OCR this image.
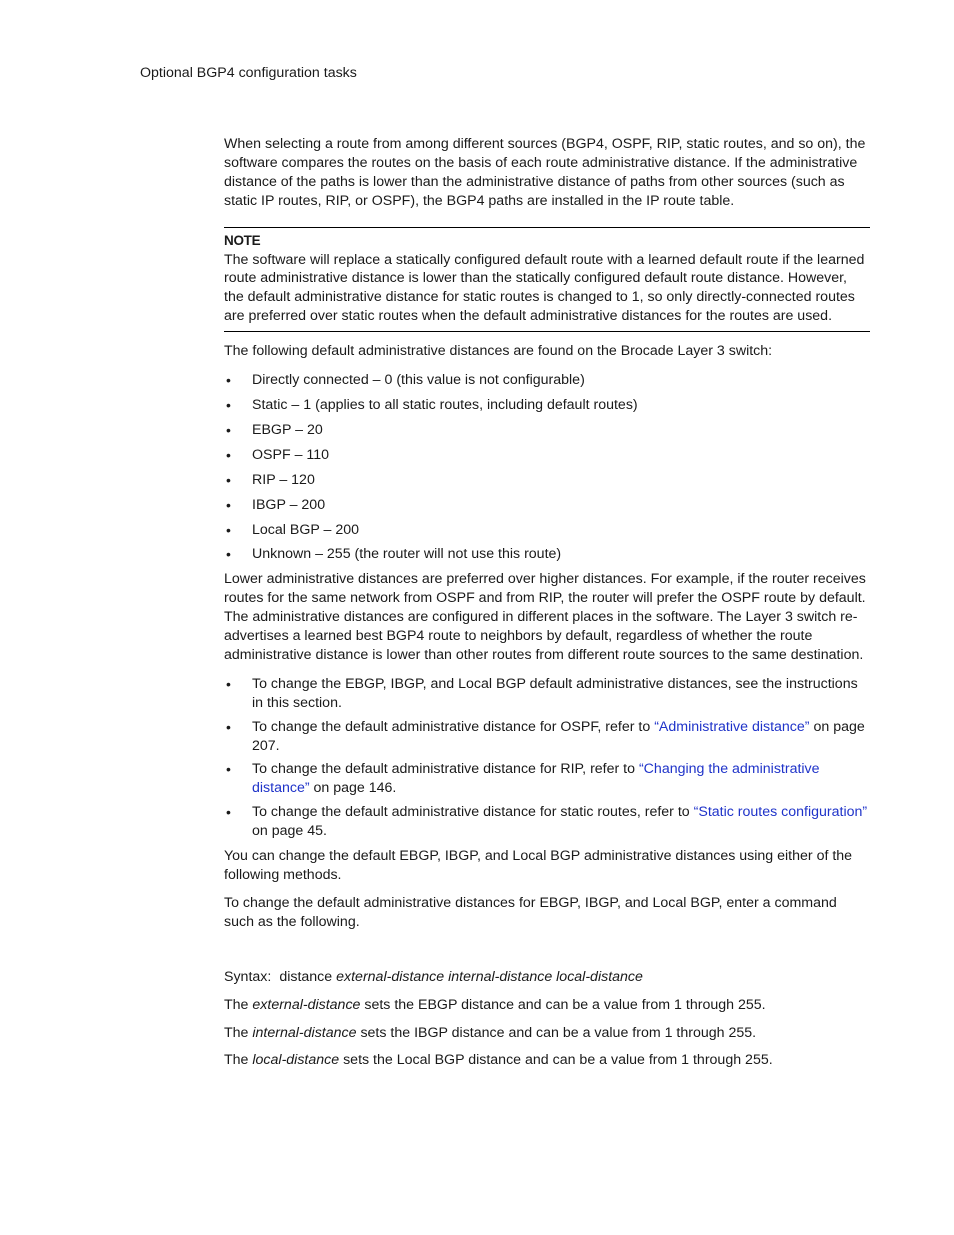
Optional BGP4 configuration tasks

When selecting a route from among different sources (BGP4, OSPF, RIP, static routes, and so on), the software compares the routes on the basis of each route administrative distance. If the administrative distance of the paths is lower than the administrative distance of paths from other sources (such as static IP routes, RIP, or OSPF), the BGP4 paths are installed in the IP route table.

NOTE

The software will replace a statically configured default route with a learned default route if the learned route administrative distance is lower than the statically configured default route distance. However, the default administrative distance for static routes is changed to 1, so only directly-connected routes are preferred over static routes when the default administrative distances for the routes are used.

The following default administrative distances are found on the Brocade Layer 3 switch:

• Directly connected – 0 (this value is not configurable)
• Static – 1 (applies to all static routes, including default routes)
• EBGP – 20
• OSPF – 110
• RIP – 120
• IBGP – 200
• Local BGP – 200
• Unknown – 255 (the router will not use this route)

Lower administrative distances are preferred over higher distances. For example, if the router receives routes for the same network from OSPF and from RIP, the router will prefer the OSPF route by default. The administrative distances are configured in different places in the software. The Layer 3 switch re-advertises a learned best BGP4 route to neighbors by default, regardless of whether the route administrative distance is lower than other routes from different route sources to the same destination.

• To change the EBGP, IBGP, and Local BGP default administrative distances, see the instructions in this section.
• To change the default administrative distance for OSPF, refer to “Administrative distance” on page 207.
• To change the default administrative distance for RIP, refer to “Changing the administrative distance” on page 146.
• To change the default administrative distance for static routes, refer to “Static routes configuration” on page 45.

You can change the default EBGP, IBGP, and Local BGP administrative distances using either of the following methods.

To change the default administrative distances for EBGP, IBGP, and Local BGP, enter a command such as the following.

Syntax: distance external-distance internal-distance local-distance

The external-distance sets the EBGP distance and can be a value from 1 through 255.

The internal-distance sets the IBGP distance and can be a value from 1 through 255.

The local-distance sets the Local BGP distance and can be a value from 1 through 255.
